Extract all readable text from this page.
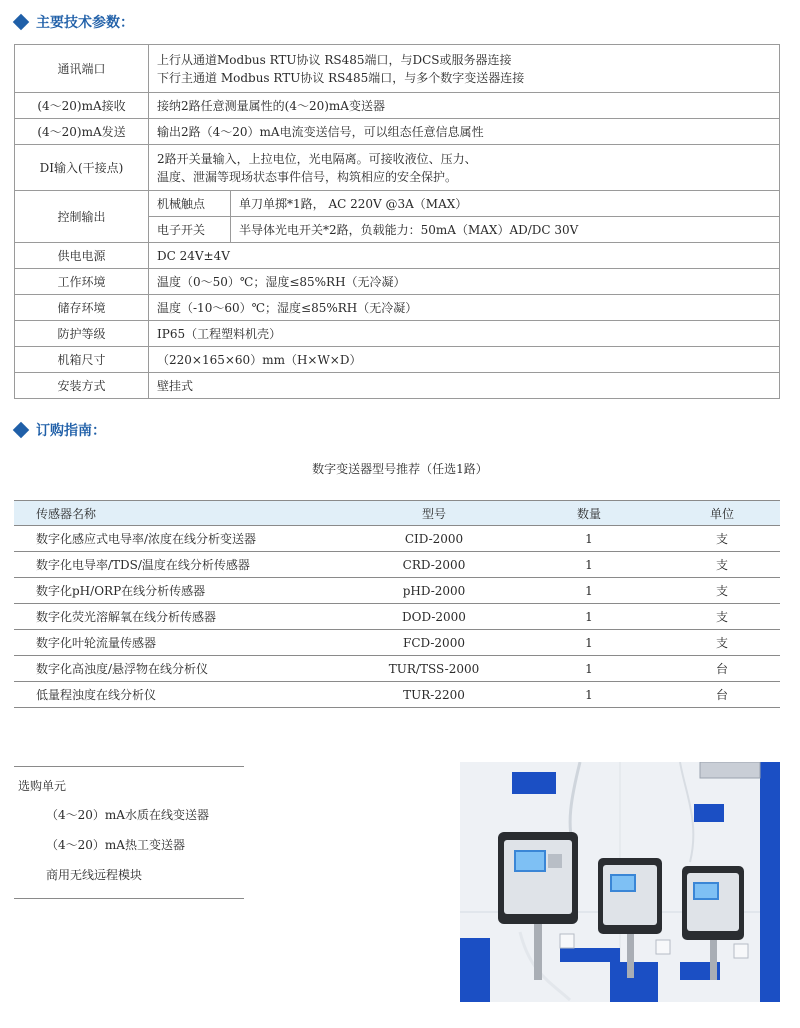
主要技术参数：
通讯端口	上行从通道Modbus RTU协议 RS485端口，与DCS或服务器连接
下行主通道 Modbus RTU协议 RS485端口，与多个数字变送器连接	

(4～20)mA接收	接纳2路任意测量属性的(4～20)mA变送器	
(4～20)mA发送	输出2路（4～20）mA电流变送信号，可以组态任意信息属性	
DI输入(干接点)	2路开关量输入，上拉电位，光电隔离。可接收液位、压力、
温度、泄漏等现场状态事件信号，构筑相应的安全保护。	

控制输出	机械触点	单刀单掷*1路， AC 220V @3A（MAX）
	电子开关	半导体光电开关*2路，负载能力：50mA（MAX）AD/DC 30V
供电电源	DC 24V±4V	
工作环境	温度（0～50）℃；湿度≤85%RH（无冷凝）	
储存环境	温度（-10～60）℃；湿度≤85%RH（无冷凝）	
防护等级	IP65（工程塑料机壳）	
机箱尺寸	（220×165×60）mm（H×W×D）	
安装方式	壁挂式	
订购指南：
数字变送器型号推荐（任选1路）
传感器名称	型号	数量	单位
数字化感应式电导率/浓度在线分析变送器	CID-2000	1	支
数字化电导率/TDS/温度在线分析传感器	CRD-2000	1	支
数字化pH/ORP在线分析传感器	pHD-2000	1	支
数字化荧光溶解氧在线分析传感器	DOD-2000	1	支
数字化叶轮流量传感器	FCD-2000	1	支
数字化高浊度/悬浮物在线分析仪	TUR/TSS-2000	1	台
低量程浊度在线分析仪	TUR-2200	1	台
选购单元
（4～20）mA水质在线变送器
（4～20）mA热工变送器
商用无线远程模块
